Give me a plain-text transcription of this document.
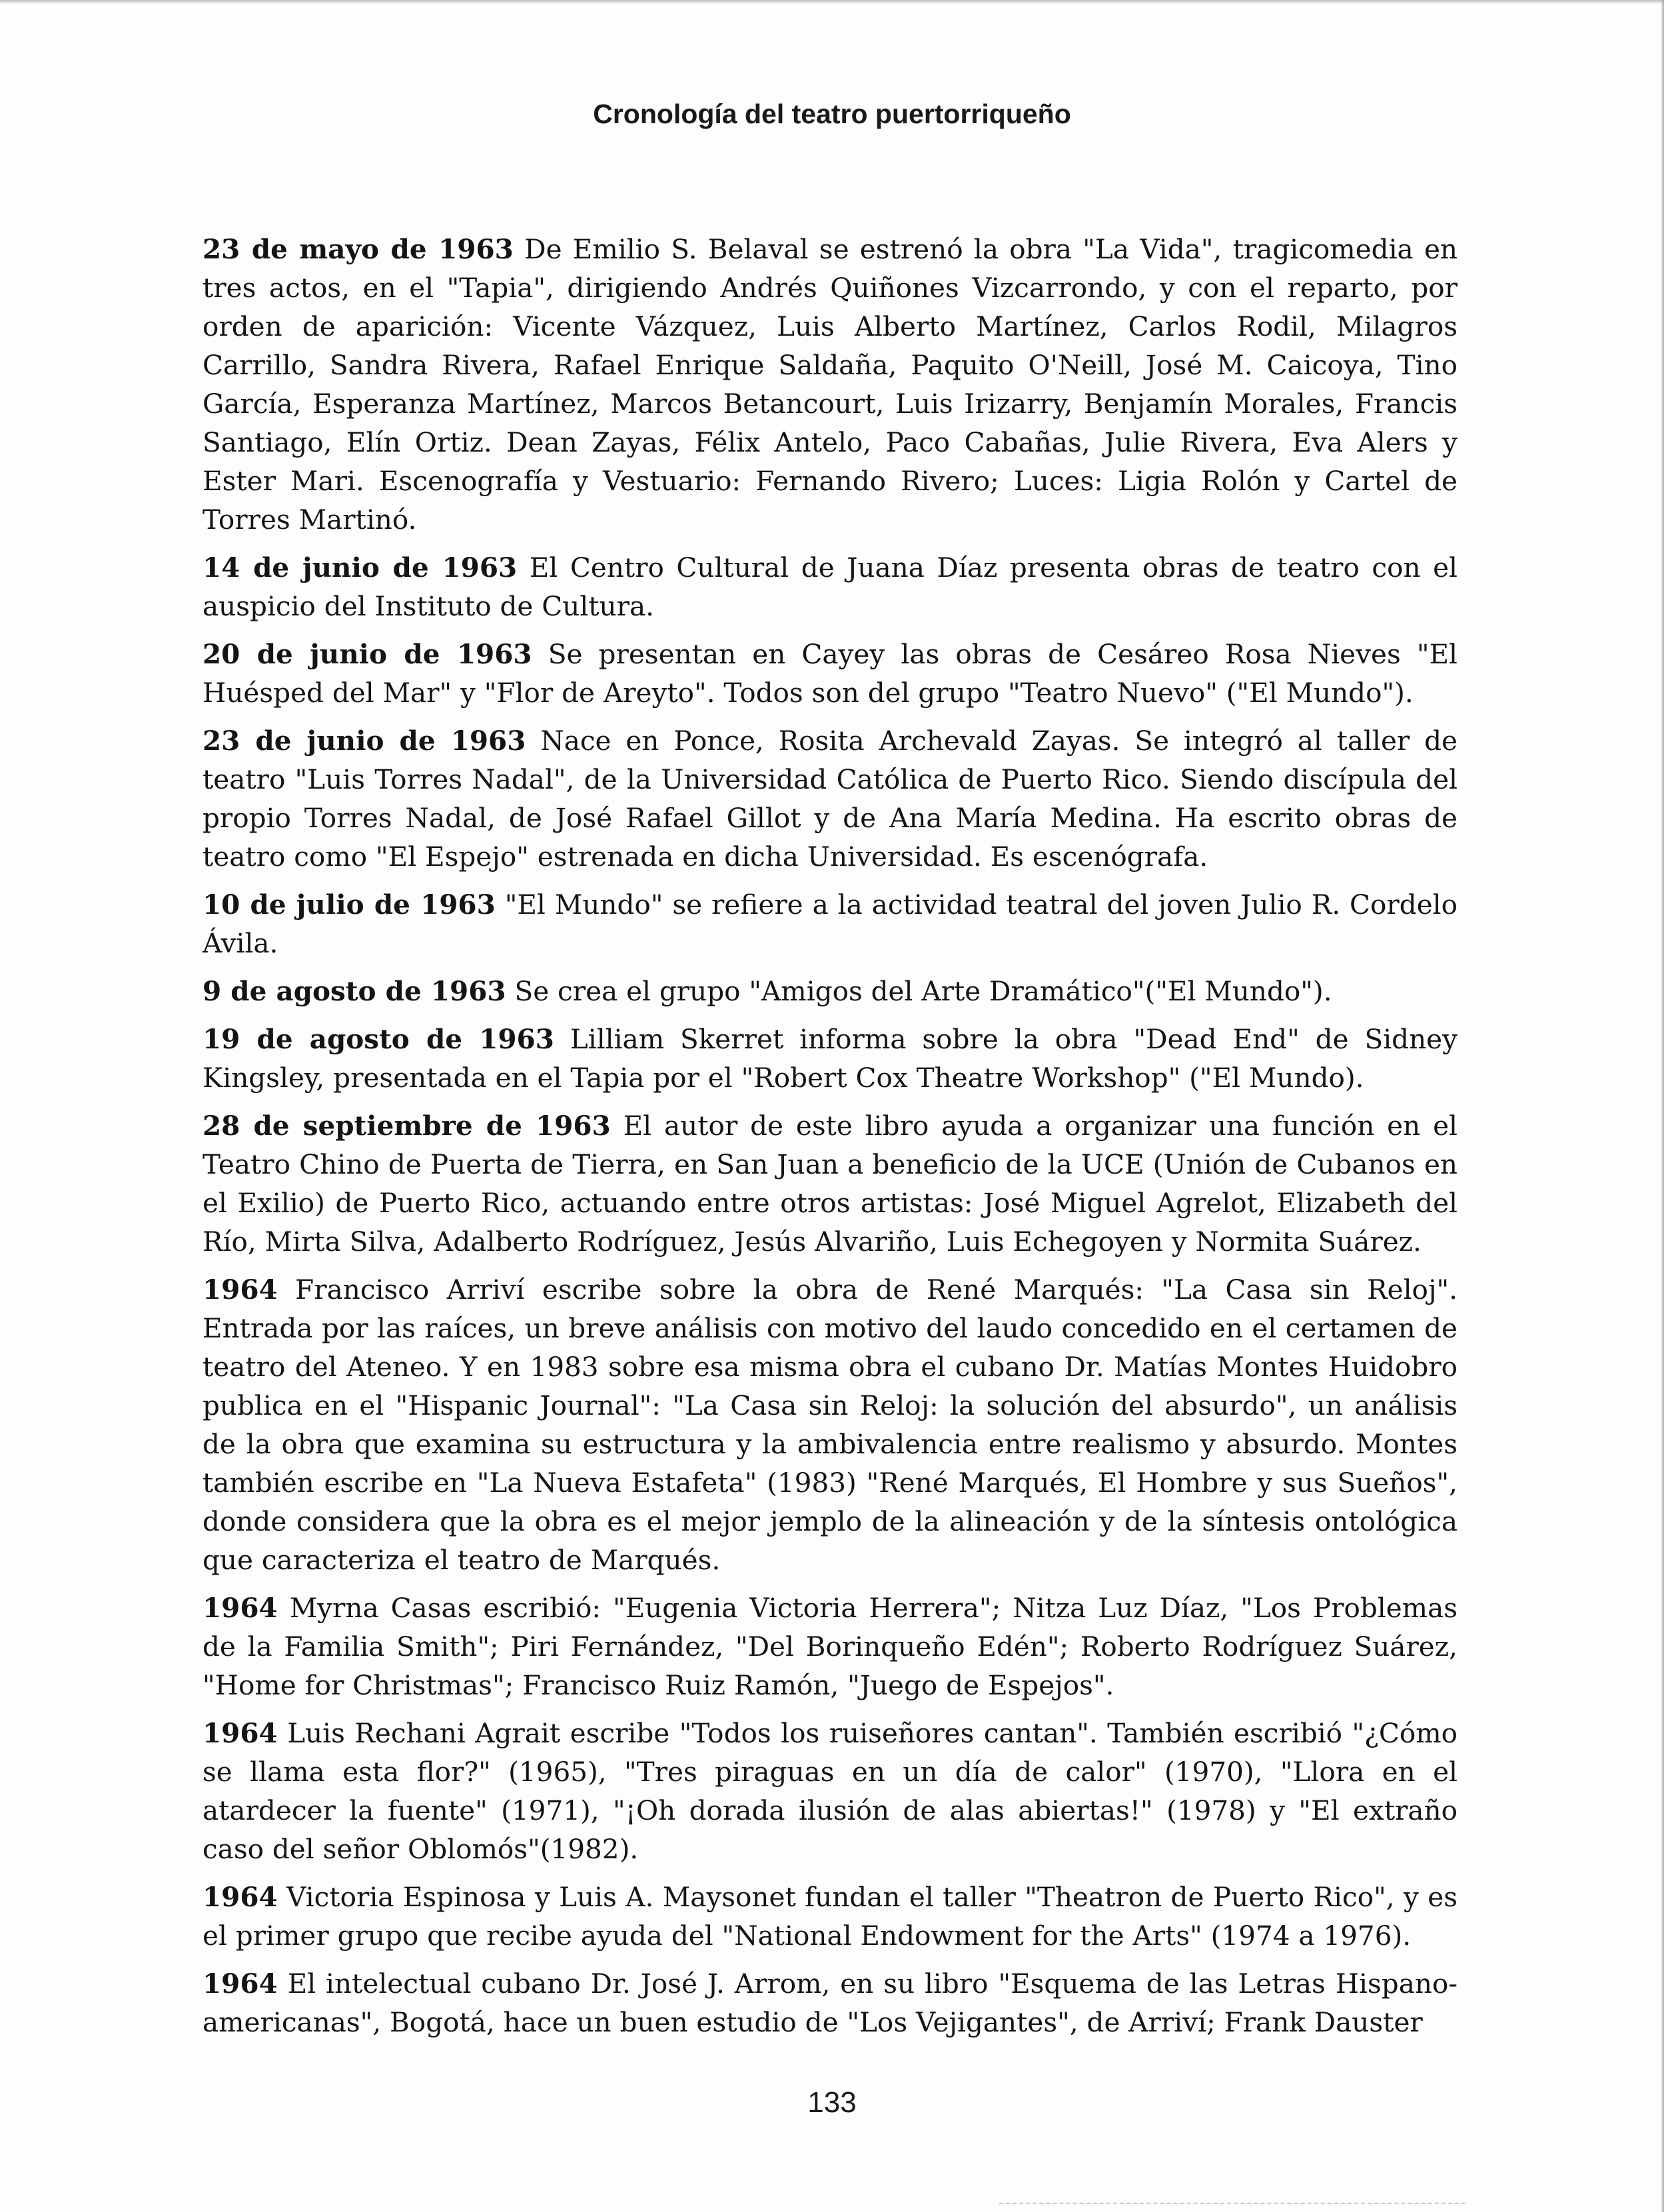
Cronología del teatro puertorriqueño

23 de mayo de 1963 De Emilio S. Belaval se estrenó la obra "La Vida", tragicomedia en tres actos, en el "Tapia", dirigiendo Andrés Quiñones Vizcarrondo, y con el reparto, por orden de aparición: Vicente Vázquez, Luis Alberto Martínez, Carlos Rodil, Milagros Carrillo, Sandra Rivera, Rafael Enrique Saldaña, Paquito O'Neill, José M. Caicoya, Tino García, Esperanza Martínez, Marcos Betancourt, Luis Irizarry, Benjamín Morales, Francis Santiago, Elín Ortiz. Dean Zayas, Félix Antelo, Paco Cabañas, Julie Rivera, Eva Alers y Ester Mari. Escenografía y Vestuario: Fernando Rivero; Luces: Ligia Rolón y Cartel de Torres Martinó.

14 de junio de 1963 El Centro Cultural de Juana Díaz presenta obras de teatro con el auspicio del Instituto de Cultura.

20 de junio de 1963 Se presentan en Cayey las obras de Cesáreo Rosa Nieves "El Huésped del Mar" y "Flor de Areyto". Todos son del grupo "Teatro Nuevo" ("El Mundo").

23 de junio de 1963 Nace en Ponce, Rosita Archevald Zayas. Se integró al taller de teatro "Luis Torres Nadal", de la Universidad Católica de Puerto Rico. Siendo discípula del propio Torres Nadal, de José Rafael Gillot y de Ana María Medina. Ha escrito obras de teatro como "El Espejo" estrenada en dicha Universidad. Es escenógrafa.

10 de julio de 1963 "El Mundo" se refiere a la actividad teatral del joven Julio R. Cordelo Ávila.

9 de agosto de 1963 Se crea el grupo "Amigos del Arte Dramático"("El Mundo").

19 de agosto de 1963 Lilliam Skerret informa sobre la obra "Dead End" de Sidney Kingsley, presentada en el Tapia por el "Robert Cox Theatre Workshop" ("El Mundo).

28 de septiembre de 1963 El autor de este libro ayuda a organizar una función en el Teatro Chino de Puerta de Tierra, en San Juan a beneficio de la UCE (Unión de Cubanos en el Exilio) de Puerto Rico, actuando entre otros artistas: José Miguel Agrelot, Elizabeth del Río, Mirta Silva, Adalberto Rodríguez, Jesús Alvariño, Luis Echegoyen y Normita Suárez.

1964 Francisco Arriví escribe sobre la obra de René Marqués: "La Casa sin Reloj". Entrada por las raíces, un breve análisis con motivo del laudo concedido en el certamen de teatro del Ateneo. Y en 1983 sobre esa misma obra el cubano Dr. Matías Montes Huidobro publica en el "Hispanic Journal": "La Casa sin Reloj: la solución del absurdo", un análisis de la obra que examina su estructura y la ambivalencia entre realismo y absurdo. Montes también escribe en "La Nueva Estafeta" (1983) "René Marqués, El Hombre y sus Sueños", donde considera que la obra es el mejor jemplo de la alineación y de la síntesis ontológica que caracteriza el teatro de Marqués.

1964 Myrna Casas escribió: "Eugenia Victoria Herrera"; Nitza Luz Díaz, "Los Problemas de la Familia Smith"; Piri Fernández, "Del Borinqueño Edén"; Roberto Rodríguez Suárez, "Home for Christmas"; Francisco Ruiz Ramón, "Juego de Espejos".

1964 Luis Rechani Agrait escribe "Todos los ruiseñores cantan". También escribió "¿Cómo se llama esta flor?" (1965), "Tres piraguas en un día de calor" (1970), "Llora en el atardecer la fuente" (1971), "¡Oh dorada ilusión de alas abiertas!" (1978) y "El extraño caso del señor Oblomós"(1982).

1964 Victoria Espinosa y Luis A. Maysonet fundan el taller "Theatron de Puerto Rico", y es el primer grupo que recibe ayuda del "National Endowment for the Arts" (1974 a 1976).

1964 El intelectual cubano Dr. José J. Arrom, en su libro "Esquema de las Letras Hispano-americanas", Bogotá, hace un buen estudio de "Los Vejigantes", de Arriví; Frank Dauster

133
